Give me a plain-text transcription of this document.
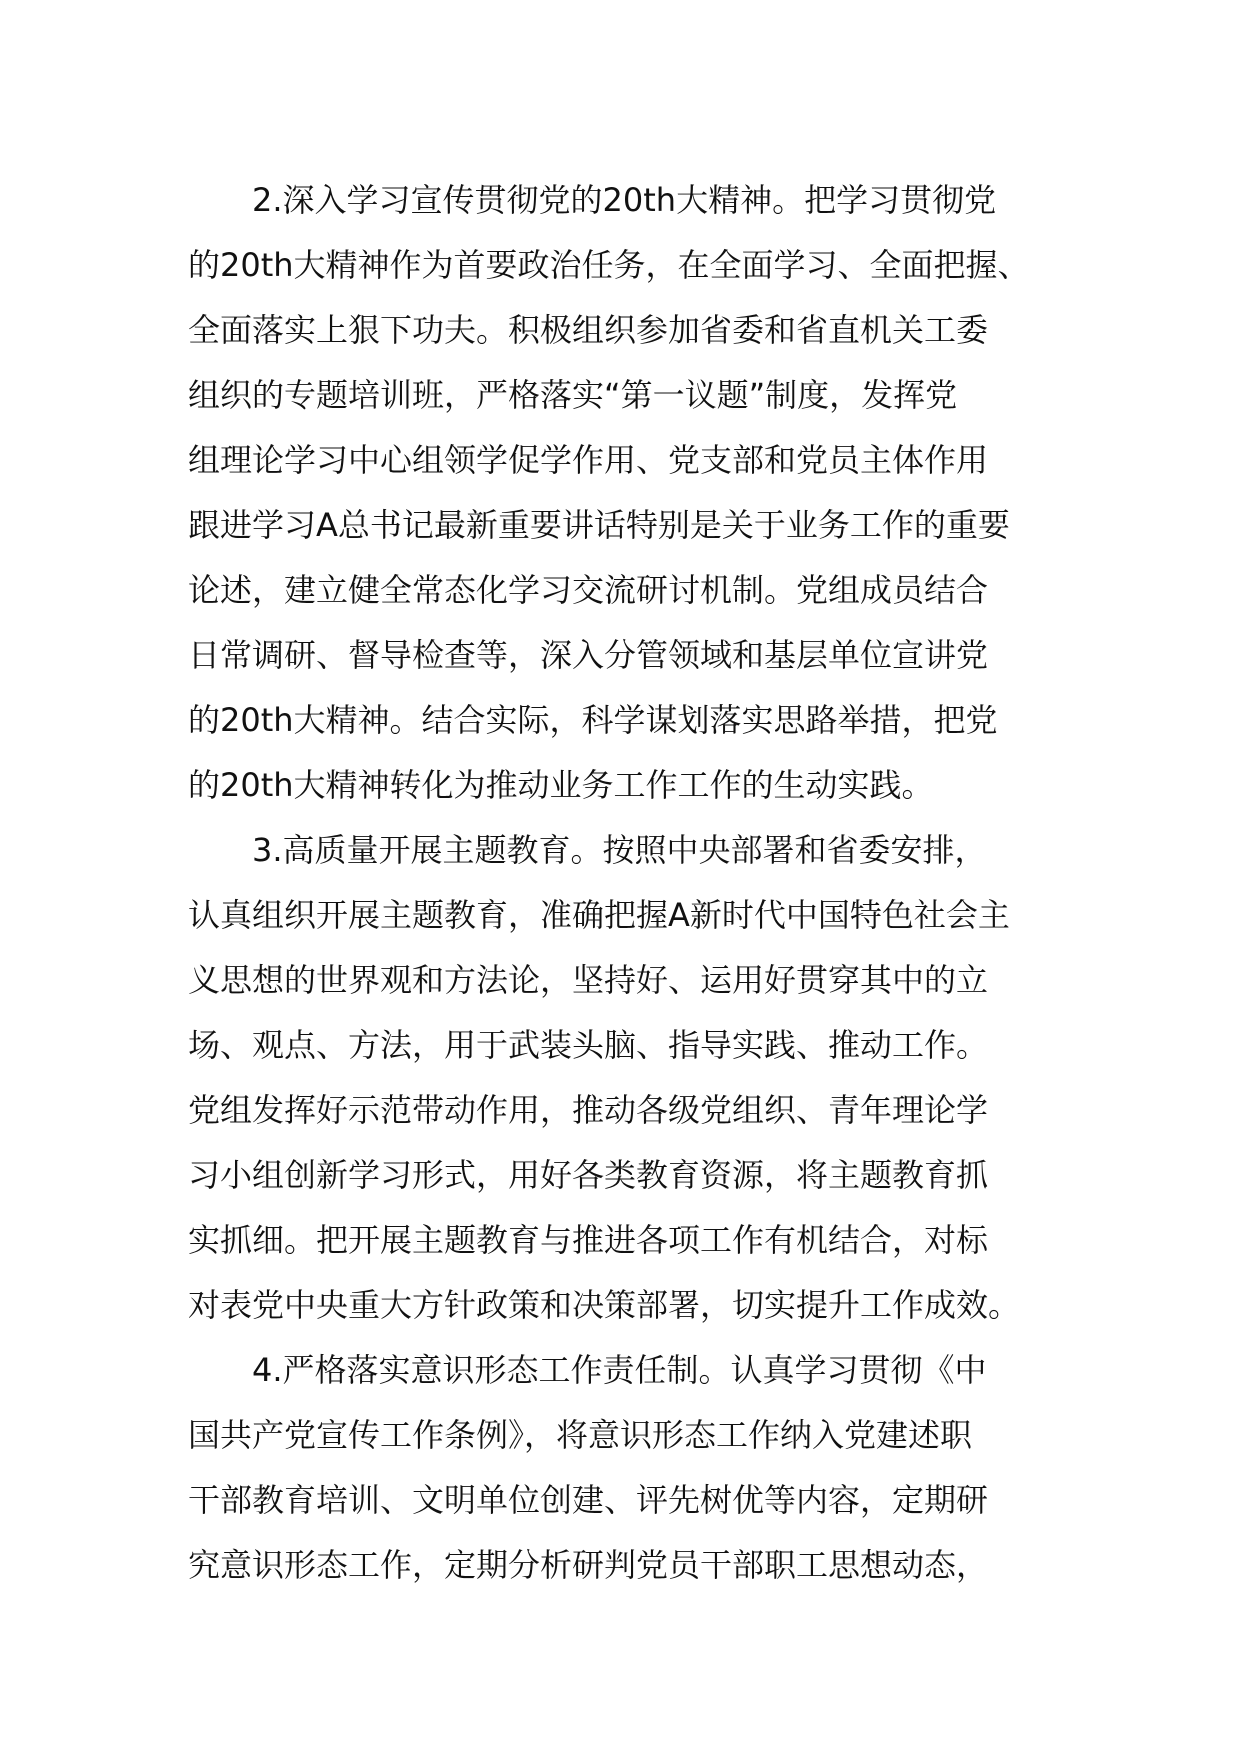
2.深入学习宣传贯彻党的20th大精神。把学习贯彻党
的20th大精神作为首要政治任务，在全面学习、全面把握、
全面落实上狠下功夫。积极组织参加省委和省直机关工委
组织的专题培训班，严格落实“第一议题”制度，发挥党
组理论学习中心组领学促学作用、党支部和党员主体作用
跟进学习A总书记最新重要讲话特别是关于业务工作的重要
论述，建立健全常态化学习交流研讨机制。党组成员结合
日常调研、督导检查等，深入分管领域和基层单位宣讲党
的20th大精神。结合实际，科学谋划落实思路举措，把党
的20th大精神转化为推动业务工作工作的生动实践。
3.高质量开展主题教育。按照中央部署和省委安排，
认真组织开展主题教育，准确把握A新时代中国特色社会主
义思想的世界观和方法论，坚持好、运用好贯穿其中的立
场、观点、方法，用于武装头脑、指导实践、推动工作。
党组发挥好示范带动作用，推动各级党组织、青年理论学
习小组创新学习形式，用好各类教育资源，将主题教育抓
实抓细。把开展主题教育与推进各项工作有机结合，对标
对表党中央重大方针政策和决策部署，切实提升工作成效。
4.严格落实意识形态工作责任制。认真学习贯彻《中
国共产党宣传工作条例》，将意识形态工作纳入党建述职
干部教育培训、文明单位创建、评先树优等内容，定期研
究意识形态工作，定期分析研判党员干部职工思想动态，
